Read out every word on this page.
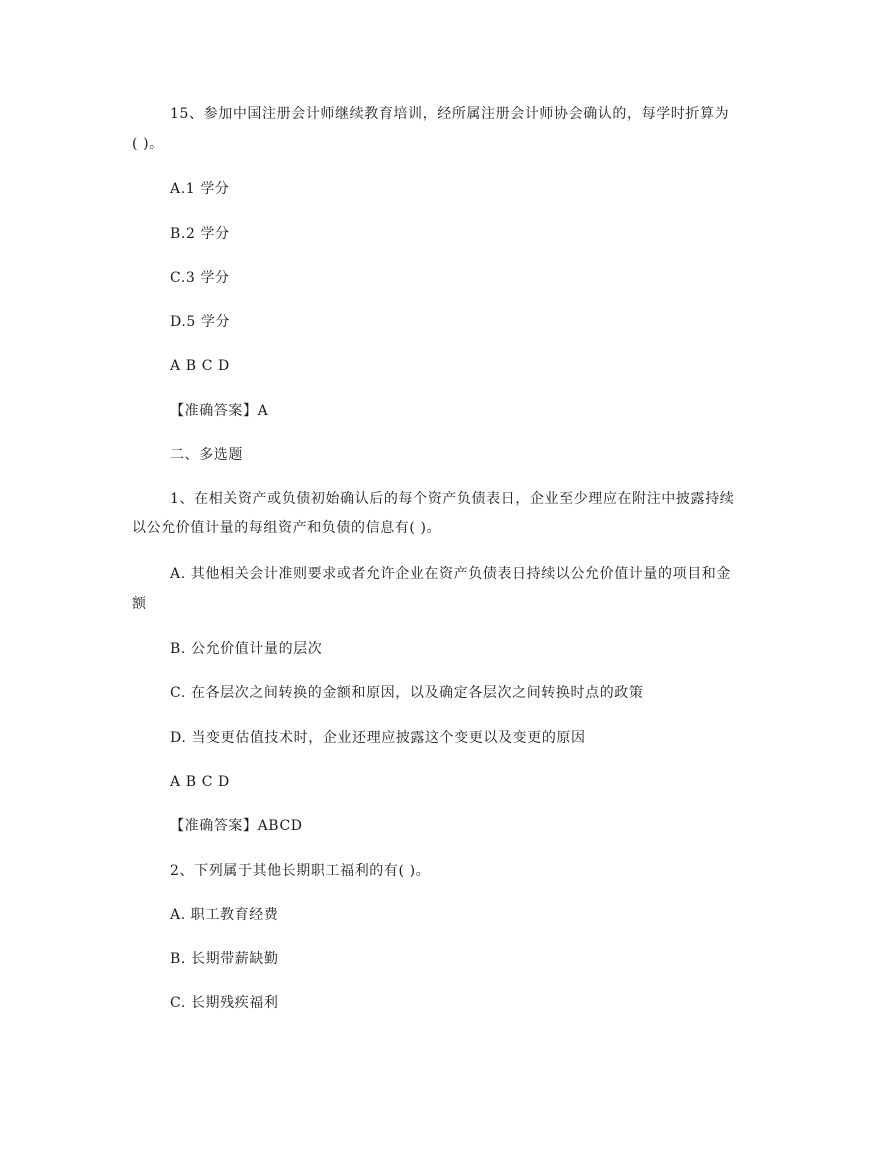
15、参加中国注册会计师继续教育培训，经所属注册会计师协会确认的，每学时折算为
( )。
A.1 学分
B.2 学分
C.3 学分
D.5 学分
A B C D
【准确答案】A
二、多选题
1、在相关资产或负债初始确认后的每个资产负债表日，企业至少理应在附注中披露持续
以公允价值计量的每组资产和负债的信息有( )。
A. 其他相关会计准则要求或者允许企业在资产负债表日持续以公允价值计量的项目和金
额
B. 公允价值计量的层次
C. 在各层次之间转换的金额和原因，以及确定各层次之间转换时点的政策
D. 当变更估值技术时，企业还理应披露这个变更以及变更的原因
A B C D
【准确答案】ABCD
2、下列属于其他长期职工福利的有( )。
A. 职工教育经费
B. 长期带薪缺勤
C. 长期残疾福利
